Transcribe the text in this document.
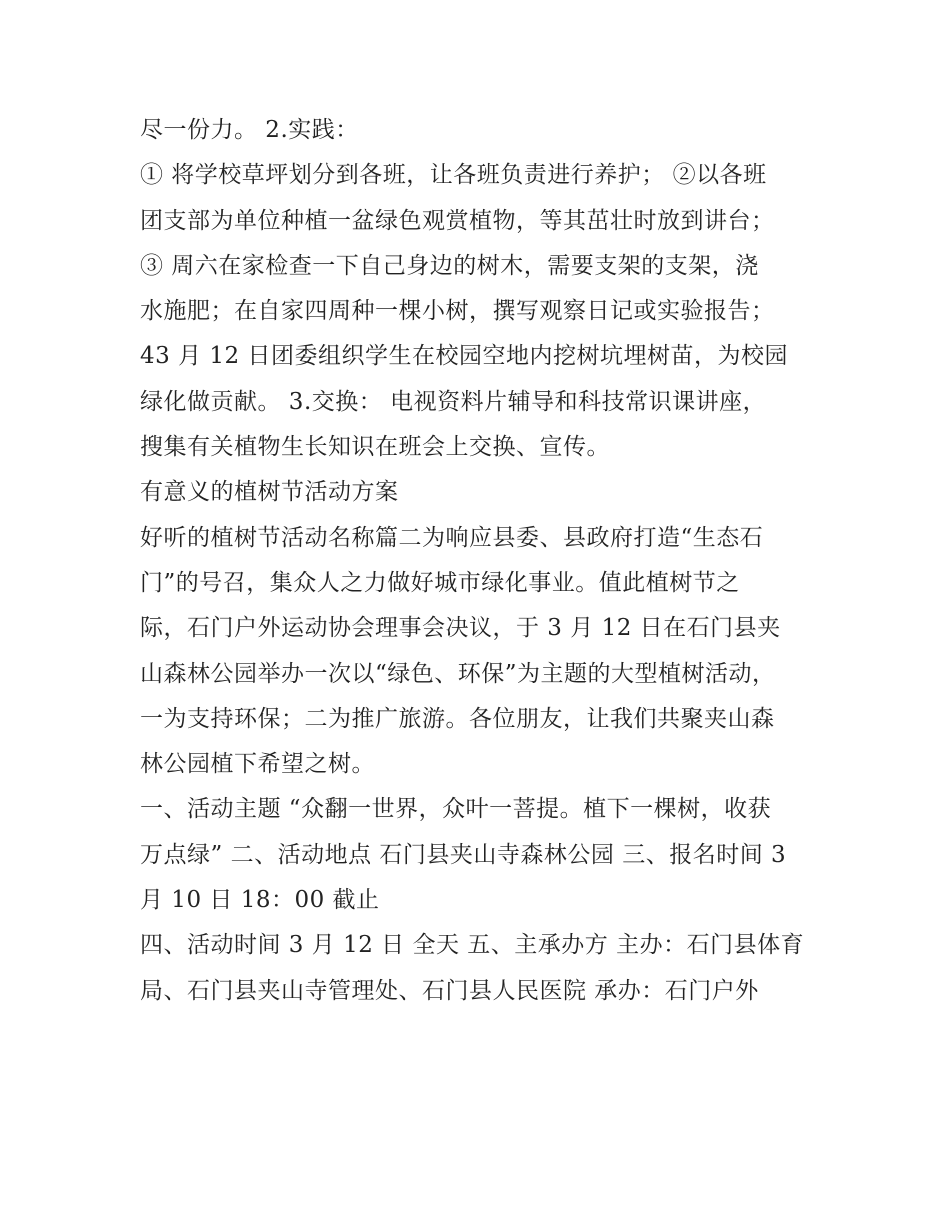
尽一份力。 2.实践：
① 将学校草坪划分到各班，让各班负责进行养护； ②以各班
团支部为单位种植一盆绿色观赏植物，等其茁壮时放到讲台；
③ 周六在家检查一下自己身边的树木，需要支架的支架，浇
水施肥；在自家四周种一棵小树，撰写观察日记或实验报告；
43 月 12 日团委组织学生在校园空地内挖树坑埋树苗，为校园
绿化做贡献。 3.交换： 电视资料片辅导和科技常识课讲座，
搜集有关植物生长知识在班会上交换、宣传。
有意义的植树节活动方案
好听的植树节活动名称篇二为响应县委、县政府打造“生态石
门”的号召，集众人之力做好城市绿化事业。值此植树节之
际，石门户外运动协会理事会决议，于 3 月 12 日在石门县夹
山森林公园举办一次以“绿色、环保”为主题的大型植树活动，
一为支持环保；二为推广旅游。各位朋友，让我们共聚夹山森
林公园植下希望之树。
一、活动主题 “众翻一世界，众叶一菩提。植下一棵树，收获
万点绿” 二、活动地点 石门县夹山寺森林公园 三、报名时间 3
月 10 日 18：00 截止
四、活动时间 3 月 12 日 全天 五、主承办方 主办：石门县体育
局、石门县夹山寺管理处、石门县人民医院 承办：石门户外
